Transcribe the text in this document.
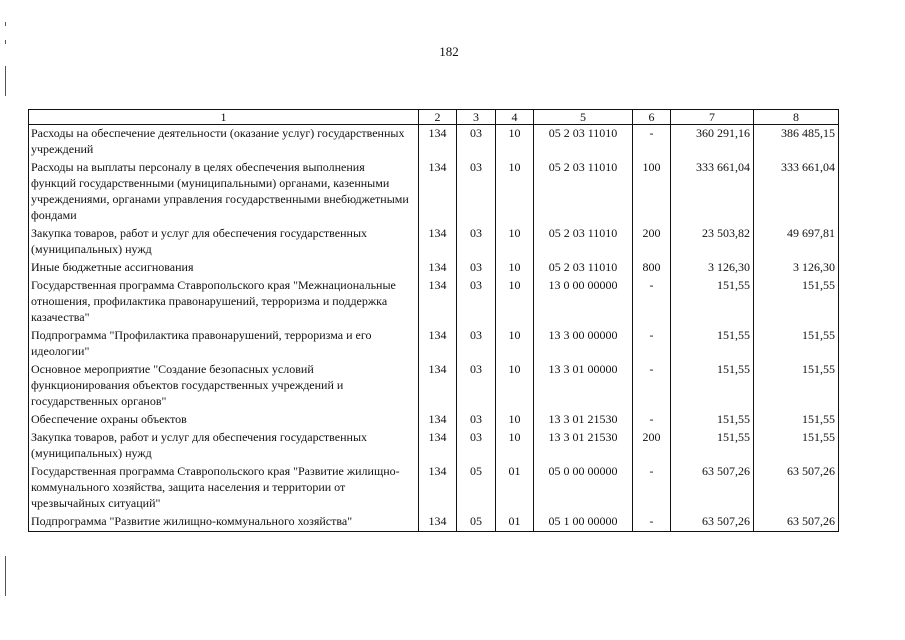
182
1	2	3	4	5	6	7	8
Расходы на обеспечение деятельности (оказание услуг) государственных учреждений	134	03	10	05 2 03 11010	-	360 291,16	386 485,15
Расходы на выплаты персоналу в целях обеспечения выполнения функций государственными (муниципальными) органами, казенными учреждениями, органами управления государственными внебюджетными фондами	134	03	10	05 2 03 11010	100	333 661,04	333 661,04
Закупка товаров, работ и услуг для обеспечения государственных (муниципальных) нужд	134	03	10	05 2 03 11010	200	23 503,82	49 697,81
Иные бюджетные ассигнования	134	03	10	05 2 03 11010	800	3 126,30	3 126,30
Государственная программа Ставропольского края "Межнациональные отношения, профилактика правонарушений, терроризма и поддержка казачества"	134	03	10	13 0 00 00000	-	151,55	151,55
Подпрограмма "Профилактика правонарушений, терроризма и его идеологии"	134	03	10	13 3 00 00000	-	151,55	151,55
Основное мероприятие "Создание безопасных условий функционирования объектов государственных учреждений и государственных органов"	134	03	10	13 3 01 00000	-	151,55	151,55
Обеспечение охраны объектов	134	03	10	13 3 01 21530	-	151,55	151,55
Закупка товаров, работ и услуг для обеспечения государственных (муниципальных) нужд	134	03	10	13 3 01 21530	200	151,55	151,55
Государственная программа Ставропольского края "Развитие жилищно-коммунального хозяйства, защита населения и территории от чрезвычайных ситуаций"	134	05	01	05 0 00 00000	-	63 507,26	63 507,26
Подпрограмма "Развитие жилищно-коммунального хозяйства"	134	05	01	05 1 00 00000	-	63 507,26	63 507,26
